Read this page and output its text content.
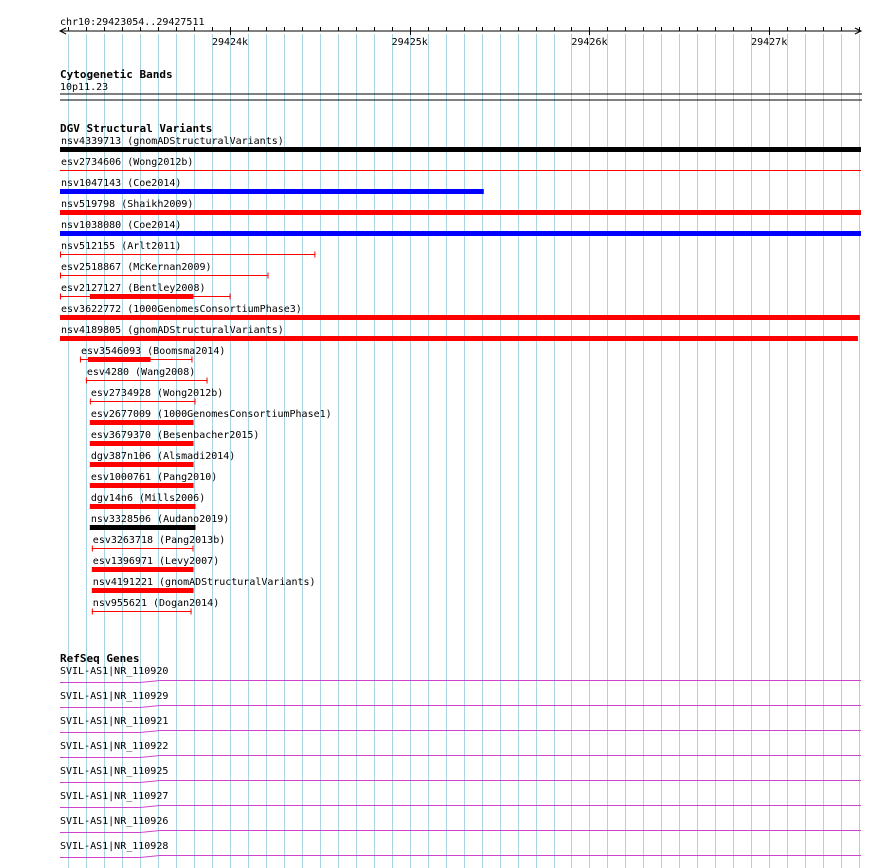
chr10:29423054..29427511
29424k	29425k	29426k	29427k
Cytogenetic Bands
10p11.23
DGV Structural Variants
nsv4339713 (gnomADStructuralVariants)
esv2734606 (Wong2012b)
nsv1047143 (Coe2014)
nsv519798 (Shaikh2009)
nsv1038080 (Coe2014)
nsv512155 (Arlt2011)
esv2518867 (McKernan2009)
esv2127127 (Bentley2008)
esv3622772 (1000GenomesConsortiumPhase3)
nsv4189805 (gnomADStructuralVariants)
esv3546093 (Boomsma2014)
esv4280 (Wang2008)
esv2734928 (Wong2012b)
esv2677009 (1000GenomesConsortiumPhase1)
esv3679370 (Besenbacher2015)
dgv387n106 (Alsmadi2014)
esv1000761 (Pang2010)
dgv14n6 (Mills2006)
nsv3328506 (Audano2019)
esv3263718 (Pang2013b)
esv1396971 (Levy2007)
nsv4191221 (gnomADStructuralVariants)
nsv955621 (Dogan2014)
RefSeq Genes
SVIL-AS1|NR_110920
SVIL-AS1|NR_110929
SVIL-AS1|NR_110921
SVIL-AS1|NR_110922
SVIL-AS1|NR_110925
SVIL-AS1|NR_110927
SVIL-AS1|NR_110926
SVIL-AS1|NR_110928
